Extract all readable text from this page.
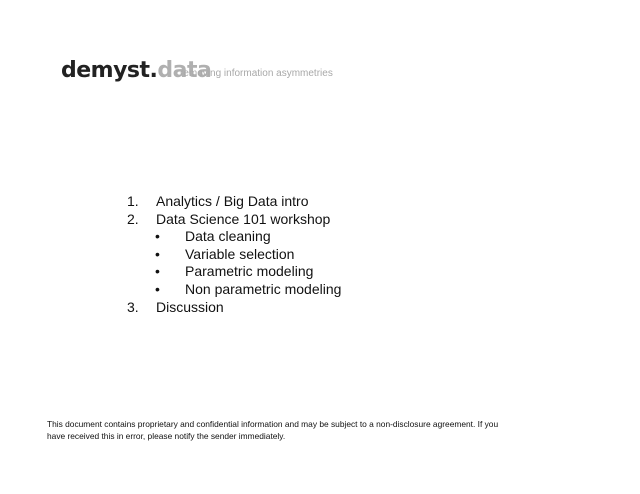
demyst.data
removing information asymmetries
1. Analytics / Big Data intro
2. Data Science 101 workshop
• Data cleaning
• Variable selection
• Parametric modeling
• Non parametric modeling
3. Discussion
This document contains proprietary and confidential information and may be subject to a non-disclosure agreement. If you
have received this in error, please notify the sender immediately.
